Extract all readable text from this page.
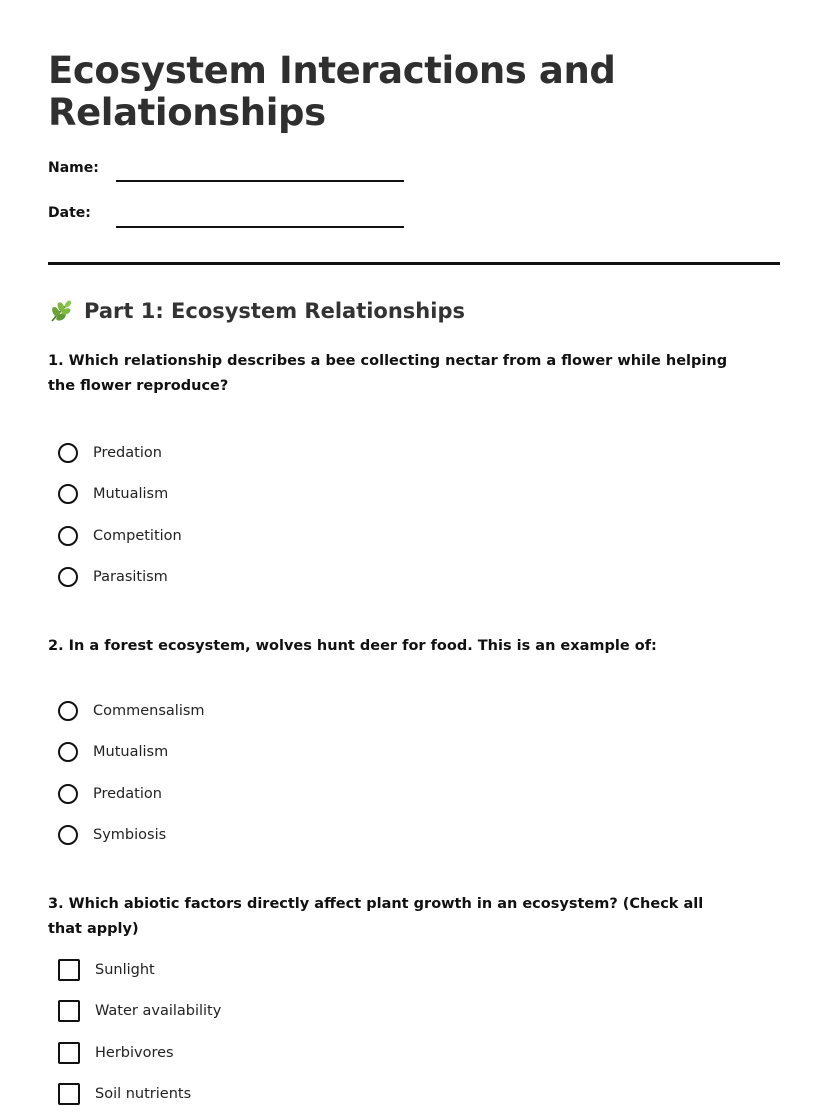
Ecosystem Interactions and Relationships
Name:
Date:
Part 1: Ecosystem Relationships
1. Which relationship describes a bee collecting nectar from a flower while helping the flower reproduce?
Predation
Mutualism
Competition
Parasitism
2. In a forest ecosystem, wolves hunt deer for food. This is an example of:
Commensalism
Mutualism
Predation
Symbiosis
3. Which abiotic factors directly affect plant growth in an ecosystem? (Check all that apply)
Sunlight
Water availability
Herbivores
Soil nutrients
